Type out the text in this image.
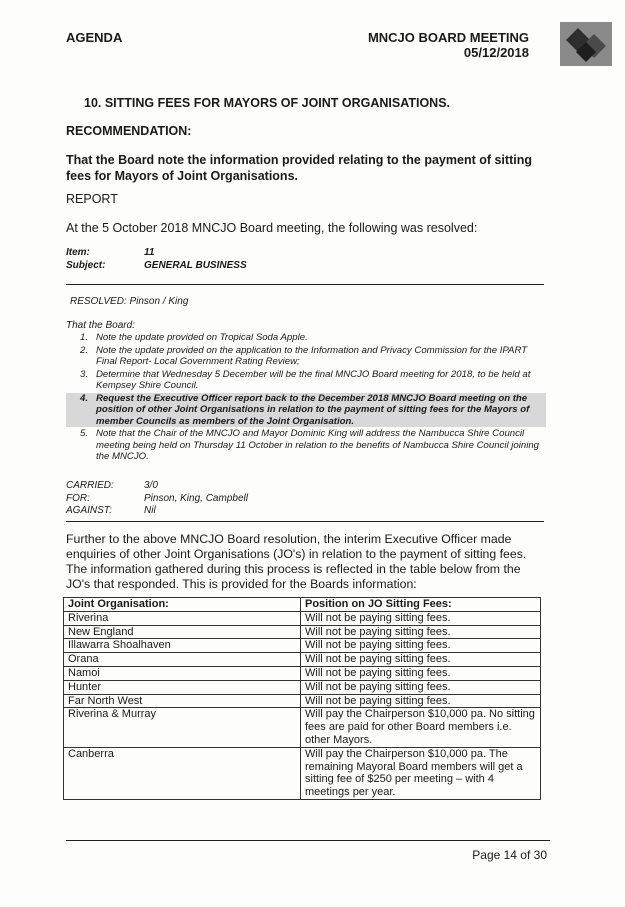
AGENDA	MNCJO BOARD MEETING
05/12/2018
10. SITTING FEES FOR MAYORS OF JOINT ORGANISATIONS.
RECOMMENDATION:
That the Board note the information provided relating to the payment of sitting fees for Mayors of Joint Organisations.
REPORT
At the 5 October 2018 MNCJO Board meeting, the following was resolved:
Item:	11
Subject:	GENERAL BUSINESS
RESOLVED: Pinson / King
That the Board:
1. Note the update provided on Tropical Soda Apple.
2. Note the update provided on the application to the Information and Privacy Commission for the IPART Final Report- Local Government Rating Review;
3. Determine that Wednesday 5 December will be the final MNCJO Board meeting for 2018, to be held at Kempsey Shire Council.
4. Request the Executive Officer report back to the December 2018 MNCJO Board meeting on the position of other Joint Organisations in relation to the payment of sitting fees for the Mayors of member Councils as members of the Joint Organisation.
5. Note that the Chair of the MNCJO and Mayor Dominic King will address the Nambucca Shire Council meeting being held on Thursday 11 October in relation to the benefits of Nambucca Shire Council joining the MNCJO.
CARRIED:	3/0
FOR:	Pinson, King, Campbell
AGAINST:	Nil
Further to the above MNCJO Board resolution, the interim Executive Officer made enquiries of other Joint Organisations (JO's) in relation to the payment of sitting fees. The information gathered during this process is reflected in the table below from the JO's that responded. This is provided for the Boards information:
Joint Organisation:	Position on JO Sitting Fees:
Riverina	Will not be paying sitting fees.
New England	Will not be paying sitting fees.
Illawarra Shoalhaven	Will not be paying sitting fees.
Orana	Will not be paying sitting fees.
Namoi	Will not be paying sitting fees.
Hunter	Will not be paying sitting fees.
Far North West	Will not be paying sitting fees.
Riverina & Murray	Will pay the Chairperson $10,000 pa. No sitting fees are paid for other Board members i.e. other Mayors.
Canberra	Will pay the Chairperson $10,000 pa. The remaining Mayoral Board members will get a sitting fee of $250 per meeting – with 4 meetings per year.
Page 14 of 30
